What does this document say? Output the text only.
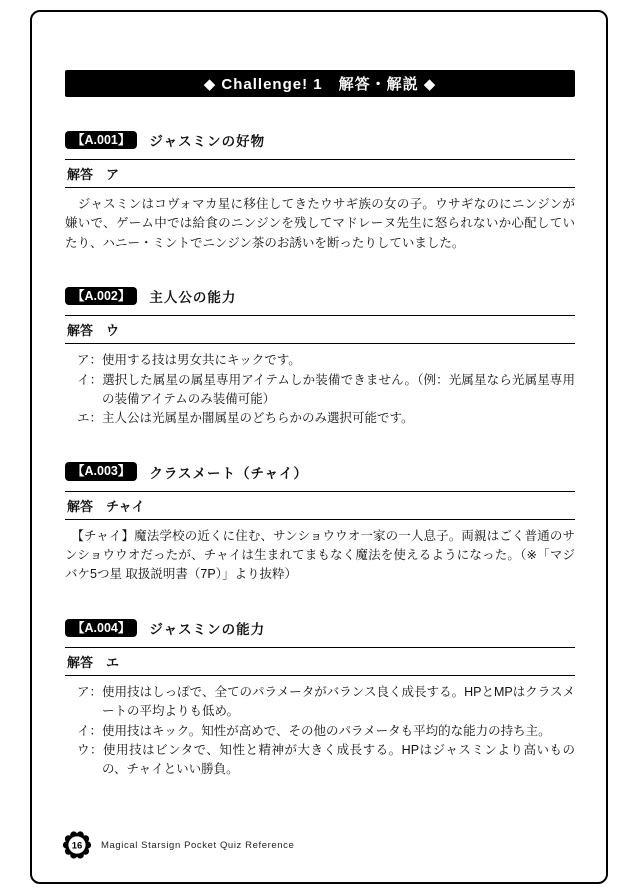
◆ Challenge! 1　解答・解説 ◆
【A.001】	ジャスミンの好物
解答 ア

　ジャスミンはコヴォマカ星に移住してきたウサギ族の女の子。ウサギなのにニンジンが嫌いで、ゲーム中では給食のニンジンを残してマドレーヌ先生に怒られないか心配していたり、ハニー・ミントでニンジン茶のお誘いを断ったりしていました。

【A.002】	主人公の能力
解答 ウ
ア：使用する技は男女共にキックです。
イ：選択した属星の属星専用アイテムしか装備できません。（例：光属星なら光属星専用の装備アイテムのみ装備可能）
エ：主人公は光属星か闇属星のどちらかのみ選択可能です。
【A.003】	クラスメート（チャイ）
解答 チャイ

　【チャイ】魔法学校の近くに住む、サンショウウオ一家の一人息子。両親はごく普通のサンショウウオだったが、チャイは生まれてまもなく魔法を使えるようになった。（※「マジバケ5つ星 取扱説明書（7P）」より抜粋）

【A.004】	ジャスミンの能力
解答 エ
ア：使用技はしっぽで、全てのパラメータがバランス良く成長する。HPとMPはクラスメートの平均よりも低め。
イ：使用技はキック。知性が高めで、その他のパラメータも平均的な能力の持ち主。
ウ：使用技はビンタで、知性と精神が大きく成長する。HPはジャスミンより高いものの、チャイといい勝負。
16 Magical Starsign Pocket Quiz Reference
